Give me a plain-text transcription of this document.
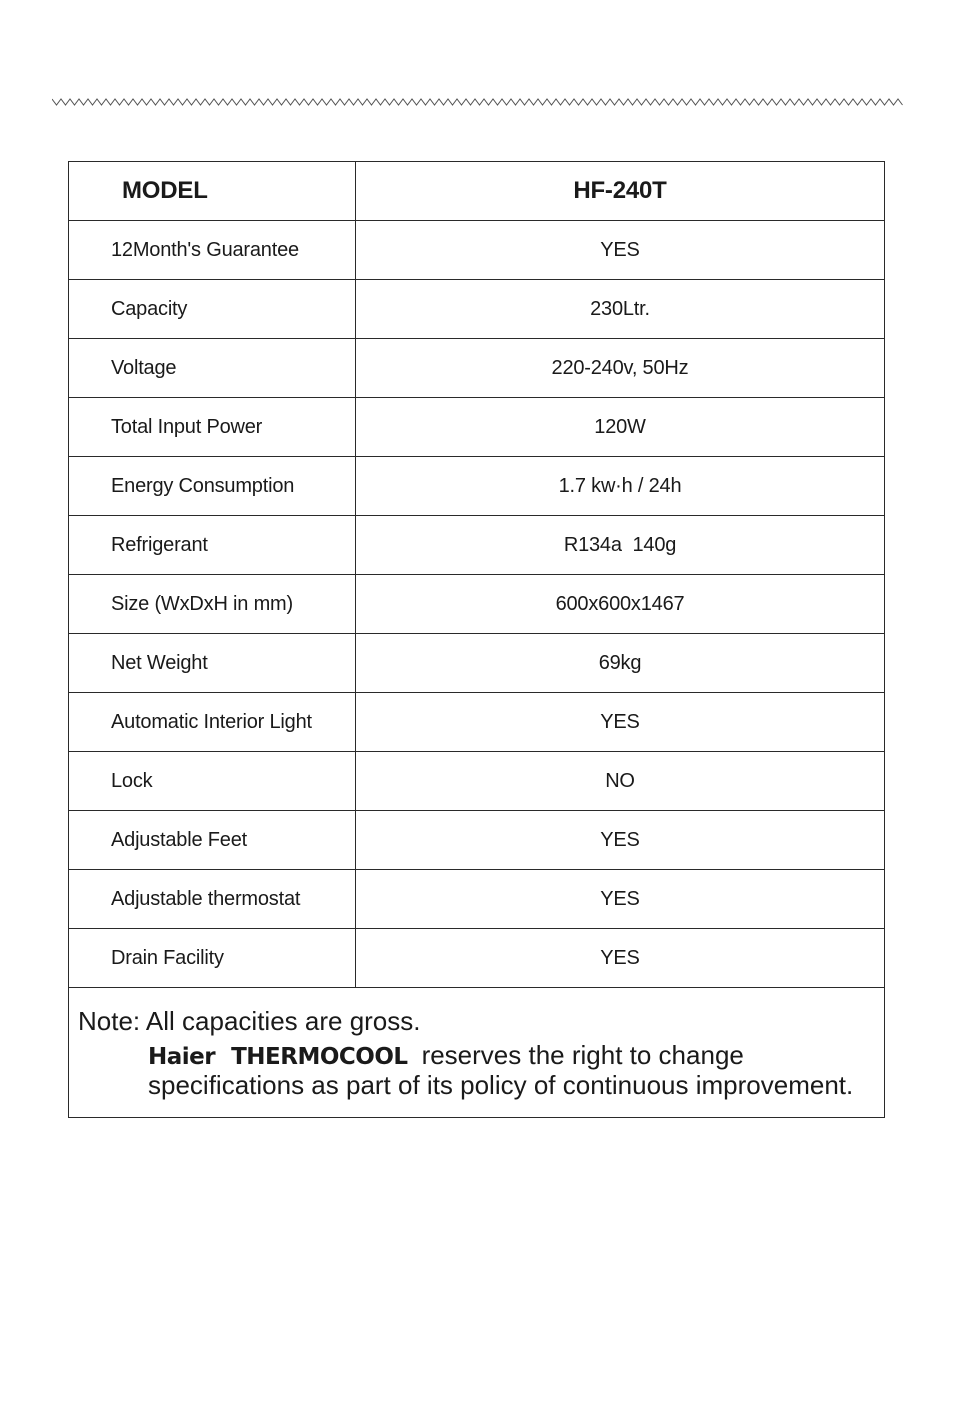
MODEL	HF-240T
12Month's Guarantee	YES
Capacity	230Ltr.
Voltage	220-240v, 50Hz
Total Input Power	120W
Energy Consumption	1.7 kw·h / 24h
Refrigerant	R134a  140g
Size (WxDxH in mm)	600x600x1467
Net Weight	69kg
Automatic Interior Light	YES
Lock	NO
Adjustable Feet	YES
Adjustable thermostat	YES
Drain Facility	YES

Note: All capacities are gross.
Haier THERMOCOOL reserves the right to change
specifications as part of its policy of continuous improvement.	
